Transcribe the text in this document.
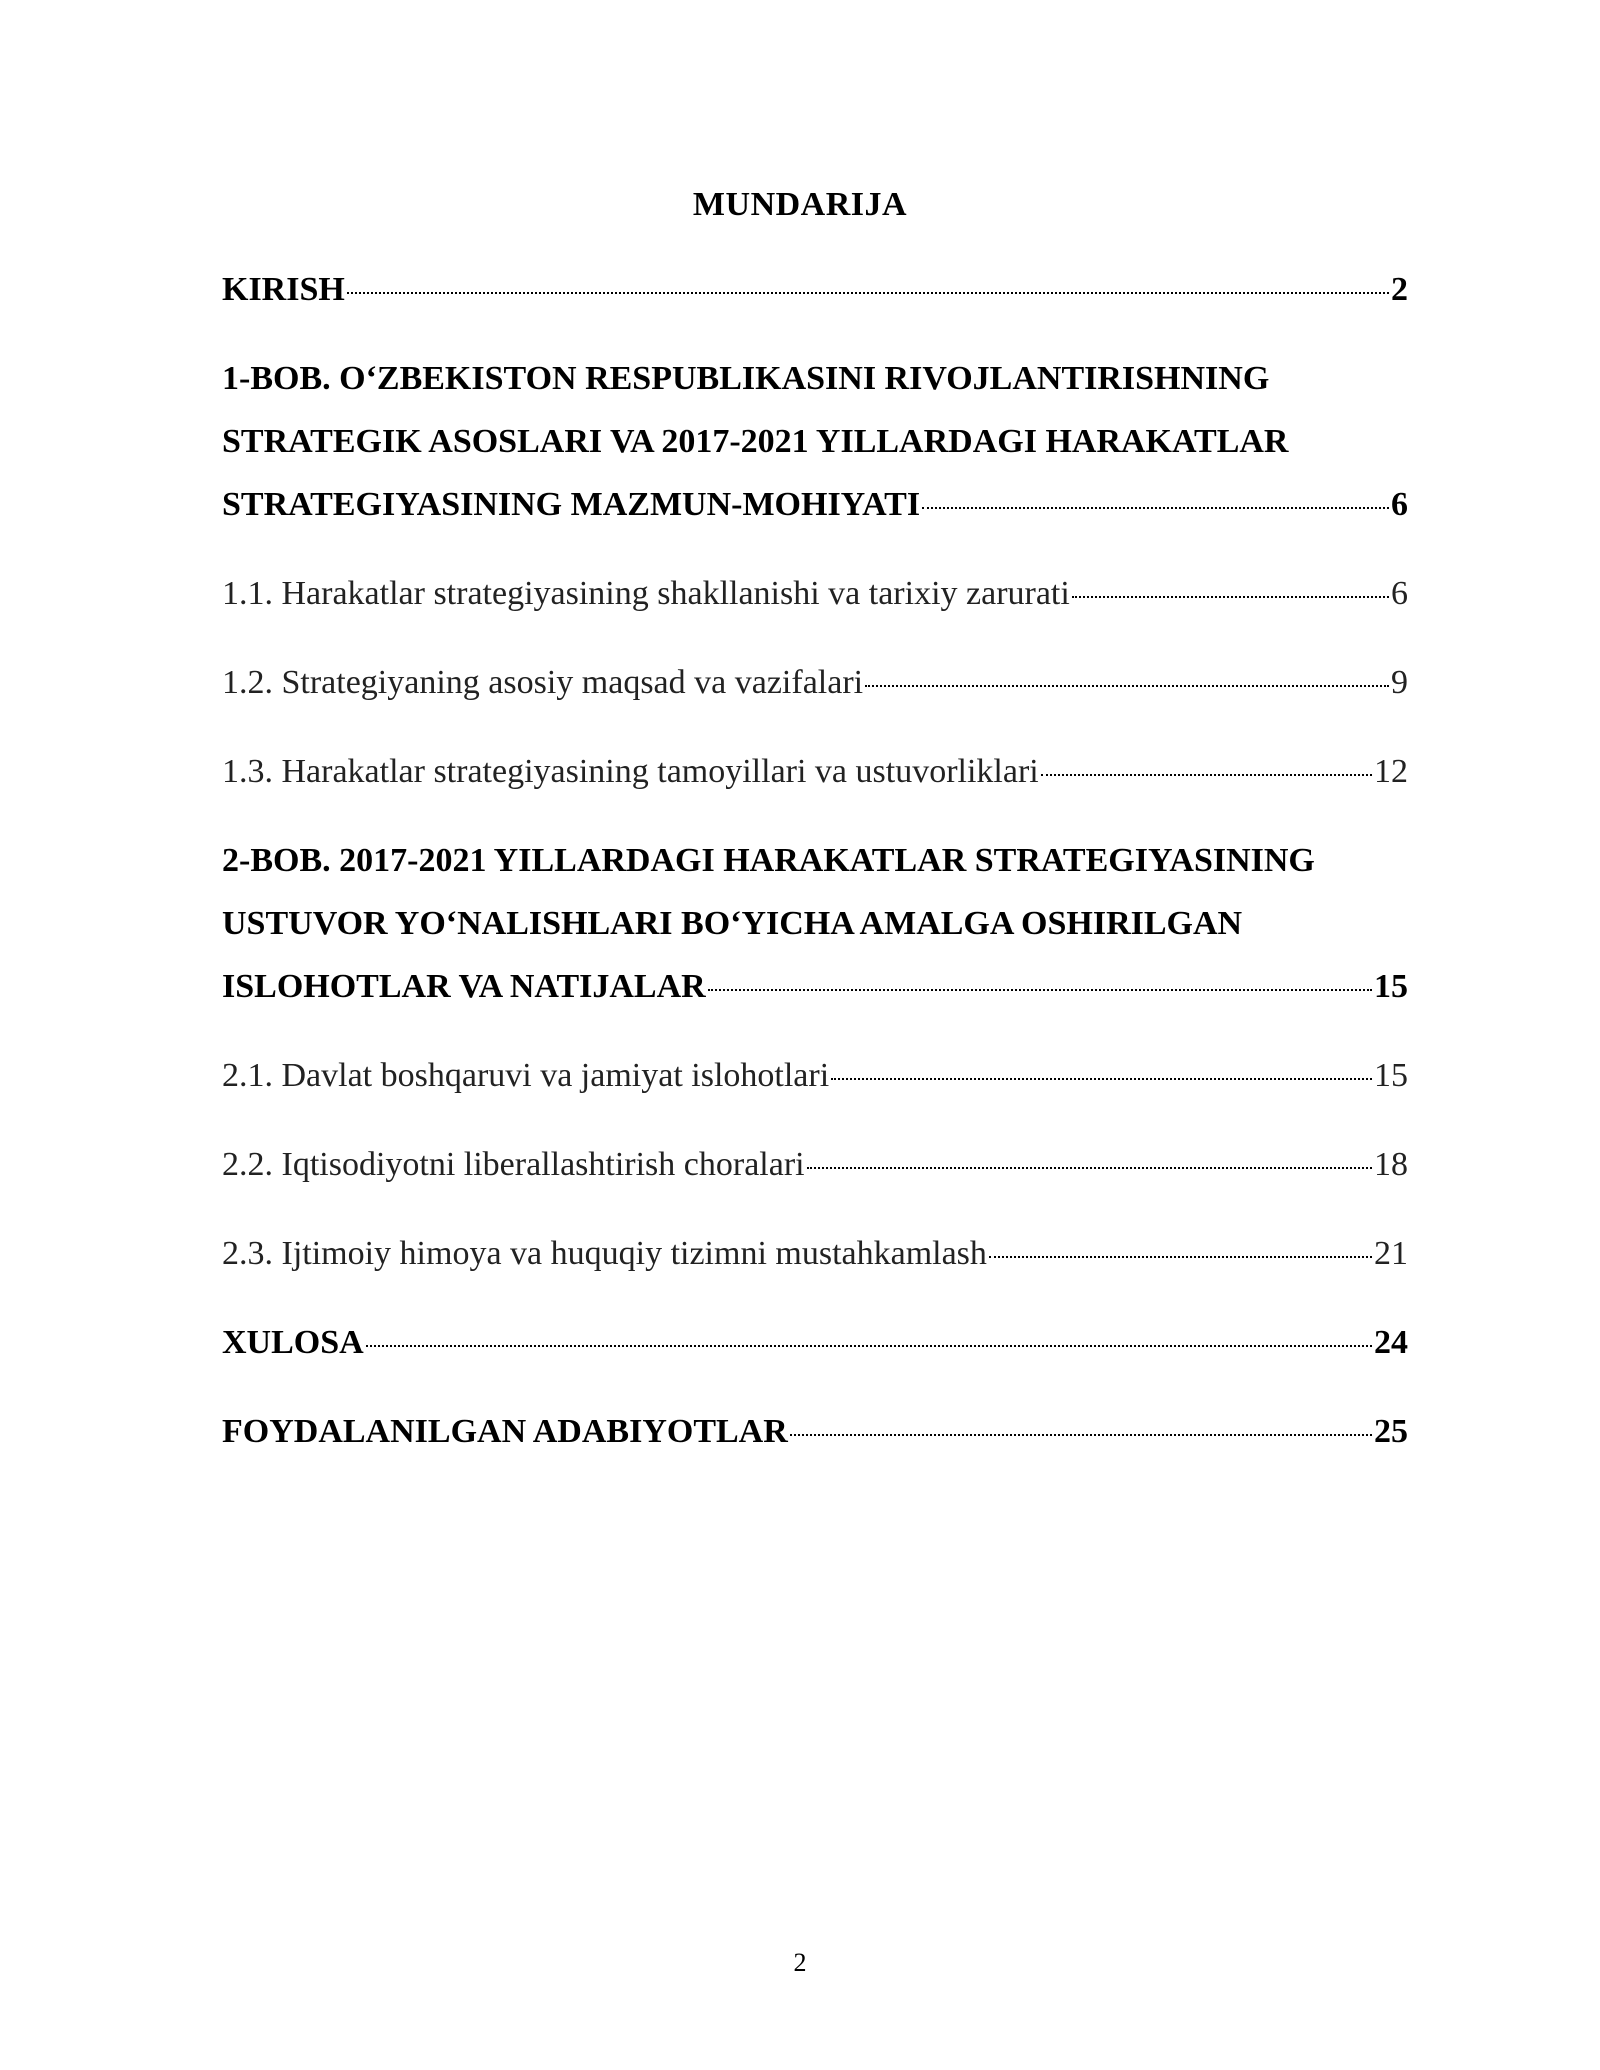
MUNDARIJA
KIRISH	2
1-BOB. O‘ZBEKISTON RESPUBLIKASINI RIVOJLANTIRISHNING
STRATEGIK ASOSLARI VA 2017-2021 YILLARDAGI HARAKATLAR
STRATEGIYASINING MAZMUN-MOHIYATI	6
1.1. Harakatlar strategiyasining shakllanishi va tarixiy zarurati	6
1.2. Strategiyaning asosiy maqsad va vazifalari	9
1.3. Harakatlar strategiyasining tamoyillari va ustuvorliklari	12
2-BOB. 2017-2021 YILLARDAGI HARAKATLAR STRATEGIYASINING
USTUVOR YO‘NALISHLARI BO‘YICHA AMALGA OSHIRILGAN
ISLOHOTLAR VA NATIJALAR	15
2.1. Davlat boshqaruvi va jamiyat islohotlari	15
2.2. Iqtisodiyotni liberallashtirish choralari	18
2.3. Ijtimoiy himoya va huquqiy tizimni mustahkamlash	21
XULOSA	24
FOYDALANILGAN ADABIYOTLAR	25
2
